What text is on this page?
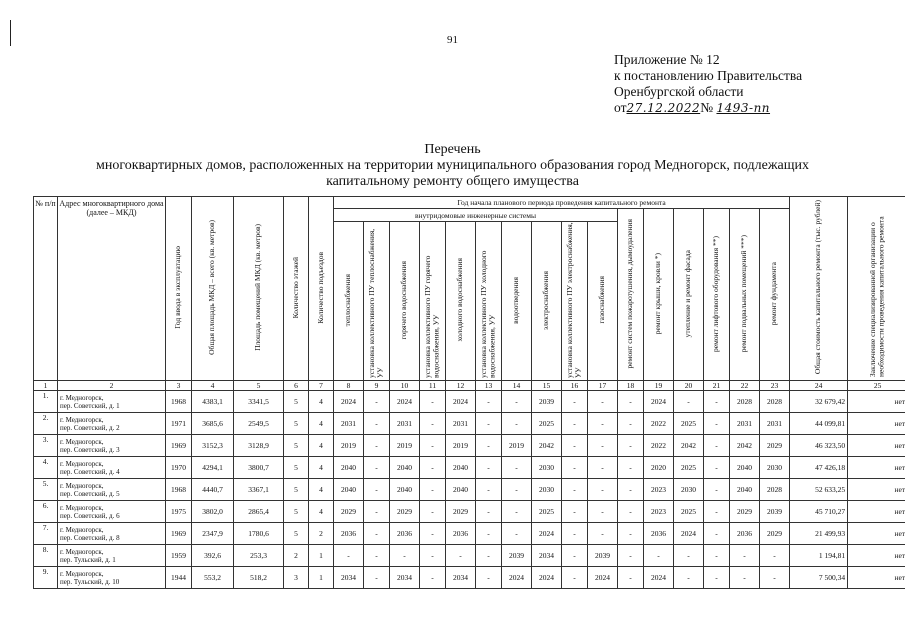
91
Приложение № 12
к постановлению Правительства
Оренбургской области
от27.12.2022№ 1493-пп
Перечень
многоквартирных домов, расположенных на территории муниципального образования город Медногорск, подлежащих
капитальному ремонту общего имущества
№ п/п	Адрес многоквартирного дома (далее – МКД)	Год ввода в эксплуатацию	Общая площадь МКД – всего (кв. метров)	Площадь помещений МКД (кв. метров)	Количество этажей	Количество подъездов	Год начала планового периода проведения капитального ремонта																Общая стоимость капитального ремонта (тыс. рублей)	Заключение специализированной организации о необходимости проведения капитального ремонта
							внутридомовые инженерные системы										ремонт систем пожаротушения, дымоудаления	ремонт крыши, кровли *)	утепление и ремонт фасада	ремонт лифтового оборудования **)	ремонт подвальных помещений ***)	ремонт фундамента		
							теплоснабжения	установка коллективного ПУ теплоснабжения, УУ	горячего водоснабжения	установка коллективного ПУ горячего водоснабжения, УУ	холодного водоснабжения	установка коллективного ПУ холодного водоснабжения, УУ	водоотведения	электроснабжения	установка коллективного ПУ электроснабжения, УУ	газоснабжения								
1	2	3	4	5	6	7	8	9	10	11	12	13	14	15	16	17	18	19	20	21	22	23	24	25
1.	г. Медногорск,
пер. Советский, д. 1	1968	4383,1	3341,5	5	4	2024	-	2024	-	2024	-	-	2039	-	-	-	2024	-	-	2028	2028	32 679,42	нет
2.	г. Медногорск,
пер. Советский, д. 2	1971	3685,6	2549,5	5	4	2031	-	2031	-	2031	-	-	2025	-	-	-	2022	2025	-	2031	2031	44 099,81	нет
3.	г. Медногорск,
пер. Советский, д. 3	1969	3152,3	3128,9	5	4	2019	-	2019	-	2019	-	2019	2042	-	-	-	2022	2042	-	2042	2029	46 323,50	нет
4.	г. Медногорск,
пер. Советский, д. 4	1970	4294,1	3800,7	5	4	2040	-	2040	-	2040	-	-	2030	-	-	-	2020	2025	-	2040	2030	47 426,18	нет
5.	г. Медногорск,
пер. Советский, д. 5	1968	4440,7	3367,1	5	4	2040	-	2040	-	2040	-	-	2030	-	-	-	2023	2030	-	2040	2028	52 633,25	нет
6.	г. Медногорск,
пер. Советский, д. 6	1975	3802,0	2865,4	5	4	2029	-	2029	-	2029	-	-	2025	-	-	-	2023	2025	-	2029	2039	45 710,27	нет
7.	г. Медногорск,
пер. Советский, д. 8	1969	2347,9	1780,6	5	2	2036	-	2036	-	2036	-	-	2024	-	-	-	2036	2024	-	2036	2029	21 499,93	нет
8.	г. Медногорск,
пер. Тульский, д. 1	1959	392,6	253,3	2	1	-	-	-	-	-	-	2039	2034	-	2039	-	-	-	-	-	-	1 194,81	нет
9.	г. Медногорск,
пер. Тульский, д. 10	1944	553,2	518,2	3	1	2034	-	2034	-	2034	-	2024	2024	-	2024	-	2024	-	-	-	-	7 500,34	нет
